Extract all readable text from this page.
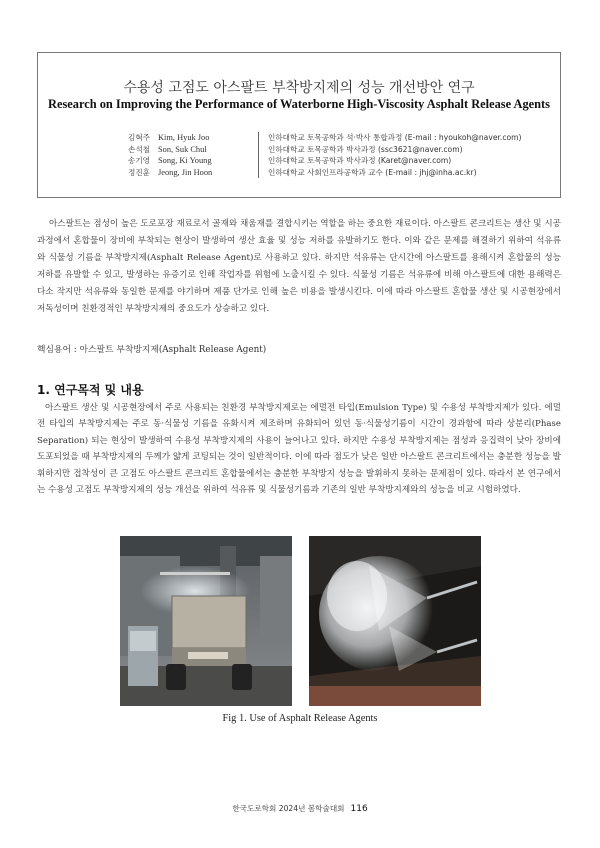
수용성 고점도 아스팔트 부착방지제의 성능 개선방안 연구
Research on Improving the Performance of Waterborne High-Viscosity Asphalt Release Agents
김혁주 Kim, Hyuk Joo	인하대학교 토목공학과 석·박사 통합과정 (E-mail : hyoukoh@naver.com)
손석철 Son, Suk Chul	인하대학교 토목공학과 박사과정 (ssc3621@naver.com)
송기영 Song, Ki Young	인하대학교 토목공학과 박사과정 (Karet@naver.com)
정진훈 Jeong, Jin Hoon	인하대학교 사회인프라공학과 교수 (E-mail : jhj@inha.ac.kr)

아스팔트는 점성이 높은 도로포장 재료로서 골재와 채움재를 결합시키는 역할을 하는 중요한 재료이다. 아스팔트 콘크리트는 생산 및 시공 과정에서 혼합물이 장비에 부착되는 현상이 발생하여 생산 효율 및 성능 저하를 유발하기도 한다. 이와 같은 문제를 해결하기 위하여 석유류와 식물성 기름을 부착방지제(Asphalt Release Agent)로 사용하고 있다. 하지만 석유류는 단시간에 아스팔트를 용해시켜 혼합물의 성능 저하를 유발할 수 있고, 발생하는 유증기로 인해 작업자를 위험에 노출시킬 수 있다. 식물성 기름은 석유류에 비해 아스팔트에 대한 용해력은 다소 작지만 석유류와 동일한 문제를 야기하며 제품 단가로 인해 높은 비용을 발생시킨다. 이에 따라 아스팔트 혼합물 생산 및 시공현장에서 저독성이며 친환경적인 부착방지제의 중요도가 상승하고 있다.

핵심용어 : 아스팔트 부착방지제(Asphalt Release Agent)

1. 연구목적 및 내용

아스팔트 생산 및 시공현장에서 주로 사용되는 친환경 부착방지제로는 에멀전 타입(Emulsion Type) 및 수용성 부착방지제가 있다. 에멀전 타입의 부착방지제는 주로 동·식물성 기름을 유화시켜 제조하며 유화되어 있던 동·식물성기름이 시간이 경과함에 따라 상분리(Phase Separation) 되는 현상이 발생하여 수용성 부착방지제의 사용이 늘어나고 있다. 하지만 수용성 부착방지제는 점성과 응집력이 낮아 장비에 도포되었을 때 부착방지제의 두께가 얇게 코팅되는 것이 일반적이다. 이에 따라 점도가 낮은 일반 아스팔트 콘크리트에서는 충분한 성능을 발휘하지만 접착성이 큰 고점도 아스팔트 콘크리트 혼합물에서는 충분한 부착방지 성능을 발휘하지 못하는 문제점이 있다. 따라서 본 연구에서는 수용성 고점도 부착방지제의 성능 개선을 위하여 석유류 및 식물성기름과 기존의 일반 부착방지제와의 성능을 비교 시험하였다.

Fig 1. Use of Asphalt Release Agents
한국도로학회 2024년 봄학술대회 116
